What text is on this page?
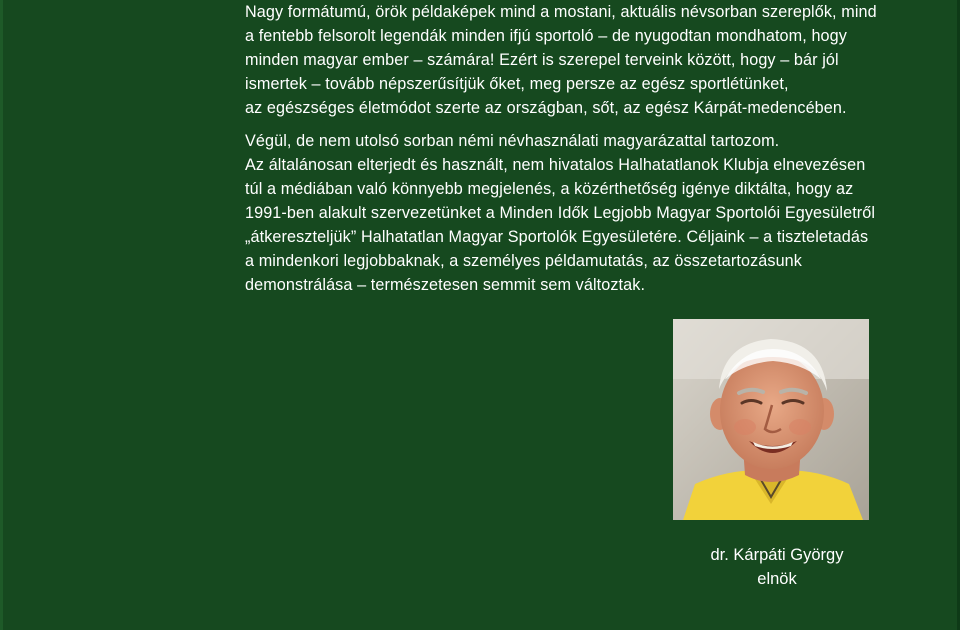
Nagy formátumú, örök példaképek mind a mostani, aktuális névsorban szereplők, mind
a fentebb felsorolt legendák minden ifjú sportoló – de nyugodtan mondhatom, hogy
minden magyar ember – számára! Ezért is szerepel terveink között, hogy – bár jól
ismertek – tovább népszerűsítjük őket, meg persze az egész sportlétünket,
az egészséges életmódot szerte az országban, sőt, az egész Kárpát-medencében.

Végül, de nem utolsó sorban némi névhasználati magyarázattal tartozom.

Az általánosan elterjedt és használt, nem hivatalos Halhatatlanok Klubja elnevezésen
túl a médiában való könnyebb megjelenés, a közérthetőség igénye diktálta, hogy az
1991-ben alakult szervezetünket a Minden Idők Legjobb Magyar Sportolói Egyesületről
„átkereszteljük” Halhatatlan Magyar Sportolók Egyesületére. Céljaink – a tiszteletadás
a mindenkori legjobbaknak, a személyes példamutatás, az összetartozásunk
demonstrálása – természetesen semmit sem változtak.

dr. Kárpáti György
elnök
